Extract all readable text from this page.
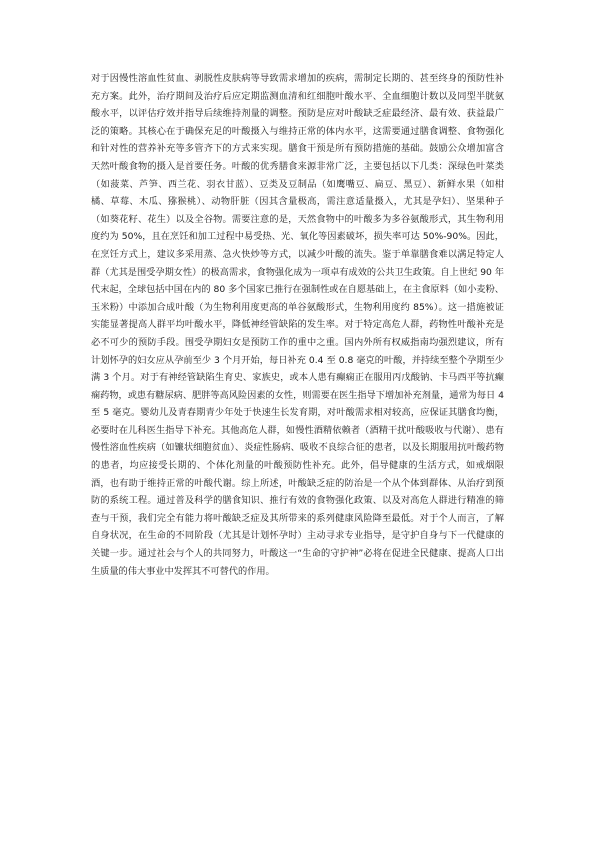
对于因慢性溶血性贫血、剥脱性皮肤病等导致需求增加的疾病，需制定长期的、甚至终身的预防性补充方案。此外，治疗期间及治疗后应定期监测血清和红细胞叶酸水平、全血细胞计数以及同型半胱氨酸水平，以评估疗效并指导后续维持剂量的调整。预防是应对叶酸缺乏症最经济、最有效、获益最广泛的策略。其核心在于确保充足的叶酸摄入与维持正常的体内水平，这需要通过膳食调整、食物强化和针对性的营养补充等多管齐下的方式来实现。膳食干预是所有预防措施的基础。鼓励公众增加富含天然叶酸食物的摄入是首要任务。叶酸的优秀膳食来源非常广泛，主要包括以下几类：深绿色叶菜类（如菠菜、芦笋、西兰花、羽衣甘蓝）、豆类及豆制品（如鹰嘴豆、扁豆、黑豆）、新鲜水果（如柑橘、草莓、木瓜、猕猴桃）、动物肝脏（因其含量极高，需注意适量摄入，尤其是孕妇）、坚果种子（如葵花籽、花生）以及全谷物。需要注意的是，天然食物中的叶酸多为多谷氨酸形式，其生物利用度约为 50%，且在烹饪和加工过程中易受热、光、氧化等因素破坏，损失率可达 50%-90%。因此，在烹饪方式上，建议多采用蒸、急火快炒等方式，以减少叶酸的流失。鉴于单靠膳食难以满足特定人群（尤其是围受孕期女性）的极高需求，食物强化成为一项卓有成效的公共卫生政策。自上世纪 90 年代末起，全球包括中国在内的 80 多个国家已推行在强制性或在自愿基础上，在主食原料（如小麦粉、玉米粉）中添加合成叶酸（为生物利用度更高的单谷氨酸形式，生物利用度约 85%）。这一措施被证实能显著提高人群平均叶酸水平，降低神经管缺陷的发生率。对于特定高危人群，药物性叶酸补充是必不可少的预防手段。围受孕期妇女是预防工作的重中之重。国内外所有权威指南均强烈建议，所有计划怀孕的妇女应从孕前至少 3 个月开始，每日补充 0.4 至 0.8 毫克的叶酸，并持续至整个孕期至少满 3 个月。对于有神经管缺陷生育史、家族史，或本人患有癫痫正在服用丙戊酸钠、卡马西平等抗癫痫药物，或患有糖尿病、肥胖等高风险因素的女性，则需要在医生指导下增加补充剂量，通常为每日 4 至 5 毫克。婴幼儿及青春期青少年处于快速生长发育期，对叶酸需求相对较高，应保证其膳食均衡，必要时在儿科医生指导下补充。其他高危人群，如慢性酒精依赖者（酒精干扰叶酸吸收与代谢）、患有慢性溶血性疾病（如镰状细胞贫血）、炎症性肠病、吸收不良综合征的患者，以及长期服用抗叶酸药物的患者，均应接受长期的、个体化剂量的叶酸预防性补充。此外，倡导健康的生活方式，如戒烟限酒，也有助于维持正常的叶酸代谢。综上所述，叶酸缺乏症的防治是一个从个体到群体、从治疗到预防的系统工程。通过普及科学的膳食知识、推行有效的食物强化政策、以及对高危人群进行精准的筛查与干预，我们完全有能力将叶酸缺乏症及其所带来的系列健康风险降至最低。对于个人而言，了解自身状况，在生命的不同阶段（尤其是计划怀孕时）主动寻求专业指导，是守护自身与下一代健康的关键一步。通过社会与个人的共同努力，叶酸这一“生命的守护神”必将在促进全民健康、提高人口出生质量的伟大事业中发挥其不可替代的作用。
